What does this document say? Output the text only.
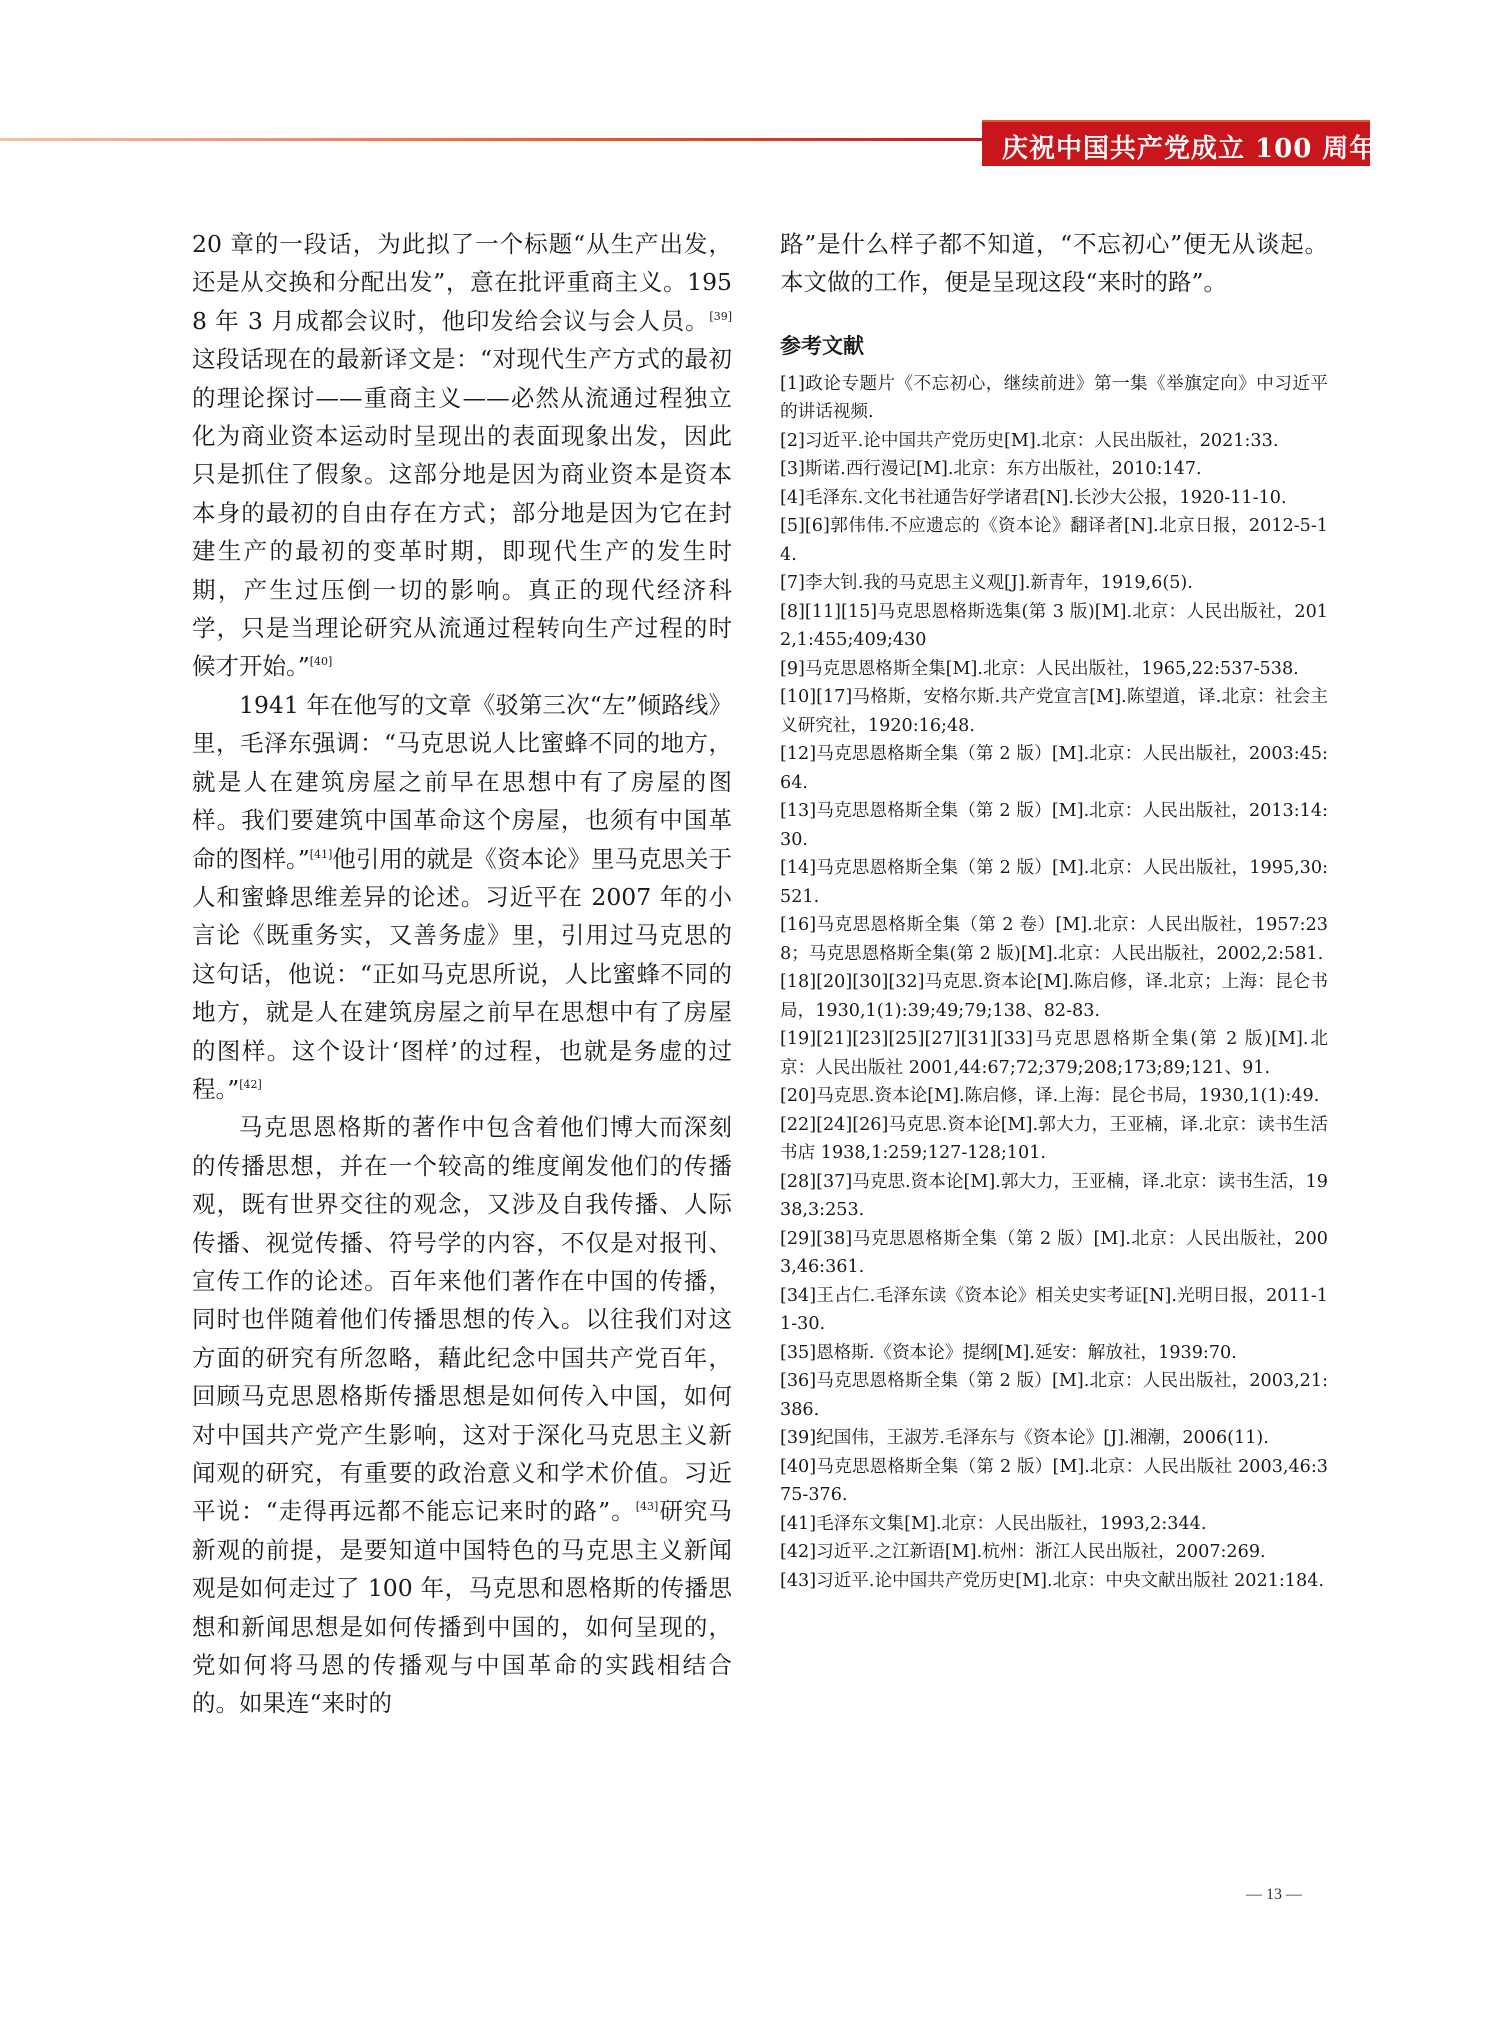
庆祝中国共产党成立 100 周年

20 章的一段话，为此拟了一个标题“从生产出发，还是从交换和分配出发”，意在批评重商主义。1958 年 3 月成都会议时，他印发给会议与会人员。[39]这段话现在的最新译文是：“对现代生产方式的最初的理论探讨——重商主义——必然从流通过程独立化为商业资本运动时呈现出的表面现象出发，因此只是抓住了假象。这部分地是因为商业资本是资本本身的最初的自由存在方式；部分地是因为它在封建生产的最初的变革时期，即现代生产的发生时期，产生过压倒一切的影响。真正的现代经济科学，只是当理论研究从流通过程转向生产过程的时候才开始。”[40]

1941 年在他写的文章《驳第三次“左”倾路线》里，毛泽东强调：“马克思说人比蜜蜂不同的地方，就是人在建筑房屋之前早在思想中有了房屋的图样。我们要建筑中国革命这个房屋，也须有中国革命的图样。”[41]他引用的就是《资本论》里马克思关于人和蜜蜂思维差异的论述。习近平在 2007 年的小言论《既重务实，又善务虚》里，引用过马克思的这句话，他说：“正如马克思所说，人比蜜蜂不同的地方，就是人在建筑房屋之前早在思想中有了房屋的图样。这个设计‘图样’的过程，也就是务虚的过程。”[42]

马克思恩格斯的著作中包含着他们博大而深刻的传播思想，并在一个较高的维度阐发他们的传播观，既有世界交往的观念，又涉及自我传播、人际传播、视觉传播、符号学的内容，不仅是对报刊、宣传工作的论述。百年来他们著作在中国的传播，同时也伴随着他们传播思想的传入。以往我们对这方面的研究有所忽略，藉此纪念中国共产党百年，回顾马克思恩格斯传播思想是如何传入中国，如何对中国共产党产生影响，这对于深化马克思主义新闻观的研究，有重要的政治意义和学术价值。习近平说：“走得再远都不能忘记来时的路”。[43]研究马新观的前提，是要知道中国特色的马克思主义新闻观是如何走过了 100 年，马克思和恩格斯的传播思想和新闻思想是如何传播到中国的，如何呈现的，党如何将马恩的传播观与中国革命的实践相结合的。如果连“来时的

路”是什么样子都不知道，“不忘初心”便无从谈起。本文做的工作，便是呈现这段“来时的路”。

参考文献
[1]政论专题片《不忘初心，继续前进》第一集《举旗定向》中习近平的讲话视频.
[2]习近平.论中国共产党历史[M].北京：人民出版社，2021:33.
[3]斯诺.西行漫记[M].北京：东方出版社，2010:147.
[4]毛泽东.文化书社通告好学诸君[N].长沙大公报，1920-11-10.
[5][6]郭伟伟.不应遗忘的《资本论》翻译者[N].北京日报，2012-5-14.
[7]李大钊.我的马克思主义观[J].新青年，1919,6(5).
[8][11][15]马克思恩格斯选集(第 3 版)[M].北京：人民出版社，2012,1:455;409;430
[9]马克思恩格斯全集[M].北京：人民出版社，1965,22:537-538.
[10][17]马格斯，安格尔斯.共产党宣言[M].陈望道，译.北京：社会主义研究社，1920:16;48.
[12]马克思恩格斯全集（第 2 版）[M].北京：人民出版社，2003:45:64.
[13]马克思恩格斯全集（第 2 版）[M].北京：人民出版社，2013:14:30.
[14]马克思恩格斯全集（第 2 版）[M].北京：人民出版社，1995,30:521.
[16]马克思恩格斯全集（第 2 卷）[M].北京：人民出版社，1957:238；马克思恩格斯全集(第 2 版)[M].北京：人民出版社，2002,2:581.
[18][20][30][32]马克思.资本论[M].陈启修，译.北京；上海：昆仑书局，1930,1(1):39;49;79;138、82-83.
[19][21][23][25][27][31][33]马克思恩格斯全集(第 2 版)[M].北京：人民出版社 2001,44:67;72;379;208;173;89;121、91.
[20]马克思.资本论[M].陈启修，译.上海：昆仑书局，1930,1(1):49.
[22][24][26]马克思.资本论[M].郭大力，王亚楠，译.北京：读书生活书店 1938,1:259;127-128;101.
[28][37]马克思.资本论[M].郭大力，王亚楠，译.北京：读书生活，1938,3:253.
[29][38]马克思恩格斯全集（第 2 版）[M].北京：人民出版社，2003,46:361.
[34]王占仁.毛泽东读《资本论》相关史实考证[N].光明日报，2011-11-30.
[35]恩格斯.《资本论》提纲[M].延安：解放社，1939:70.
[36]马克思恩格斯全集（第 2 版）[M].北京：人民出版社，2003,21:386.
[39]纪国伟，王淑芳.毛泽东与《资本论》[J].湘潮，2006(11).
[40]马克思恩格斯全集（第 2 版）[M].北京：人民出版社 2003,46:375-376.
[41]毛泽东文集[M].北京：人民出版社，1993,2:344.
[42]习近平.之江新语[M].杭州：浙江人民出版社，2007:269.
[43]习近平.论中国共产党历史[M].北京：中央文献出版社 2021:184.
— 13 —
